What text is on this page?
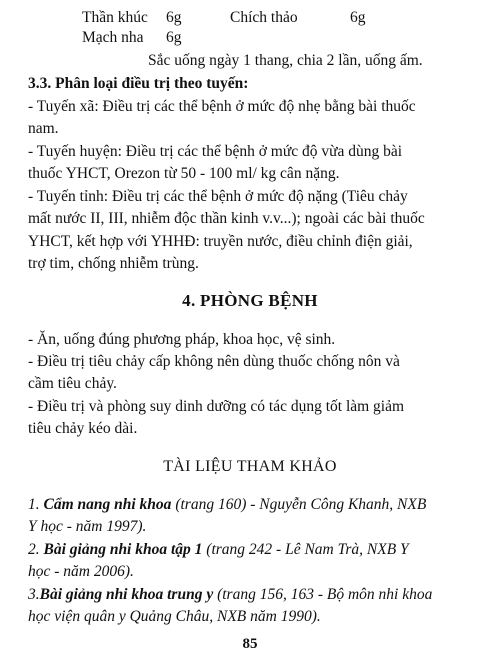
Thần khúc 6g	Chích thảo	6g
Mạch nha 6g
Sắc uống ngày 1 thang, chia 2 lần, uống ấm.
3.3. Phân loại điều trị theo tuyến:
- Tuyến xã: Điều trị các thể bệnh ở mức độ nhẹ bằng bài thuốc
nam.
- Tuyến huyện: Điều trị các thể bệnh ở mức độ vừa dùng bài
thuốc YHCT, Orezon từ 50 - 100 ml/ kg cân nặng.
- Tuyến tỉnh: Điều trị các thể bệnh ở mức độ nặng (Tiêu chảy
mất nước II, III, nhiễm độc thần kinh v.v...); ngoài các bài thuốc
YHCT, kết hợp với YHHĐ: truyền nước, điều chỉnh điện giải,
trợ tim, chống nhiễm trùng.
4. PHÒNG BỆNH
- Ăn, uống đúng phương pháp, khoa học, vệ sinh.
- Điều trị tiêu chảy cấp không nên dùng thuốc chống nôn và
cầm tiêu chảy.
- Điều trị và phòng suy dinh dưỡng có tác dụng tốt làm giảm
tiêu chảy kéo dài.
TÀI LIỆU THAM KHẢO
1. Cẩm nang nhi khoa (trang 160) - Nguyễn Công Khanh, NXB
Y học - năm 1997).
2. Bài giảng nhi khoa tập 1 (trang 242 - Lê Nam Trà, NXB Y
học - năm 2006).
3.Bài giảng nhi khoa trung y (trang 156, 163 - Bộ môn nhi khoa
học viện quân y Quảng Châu, NXB năm 1990).
85
